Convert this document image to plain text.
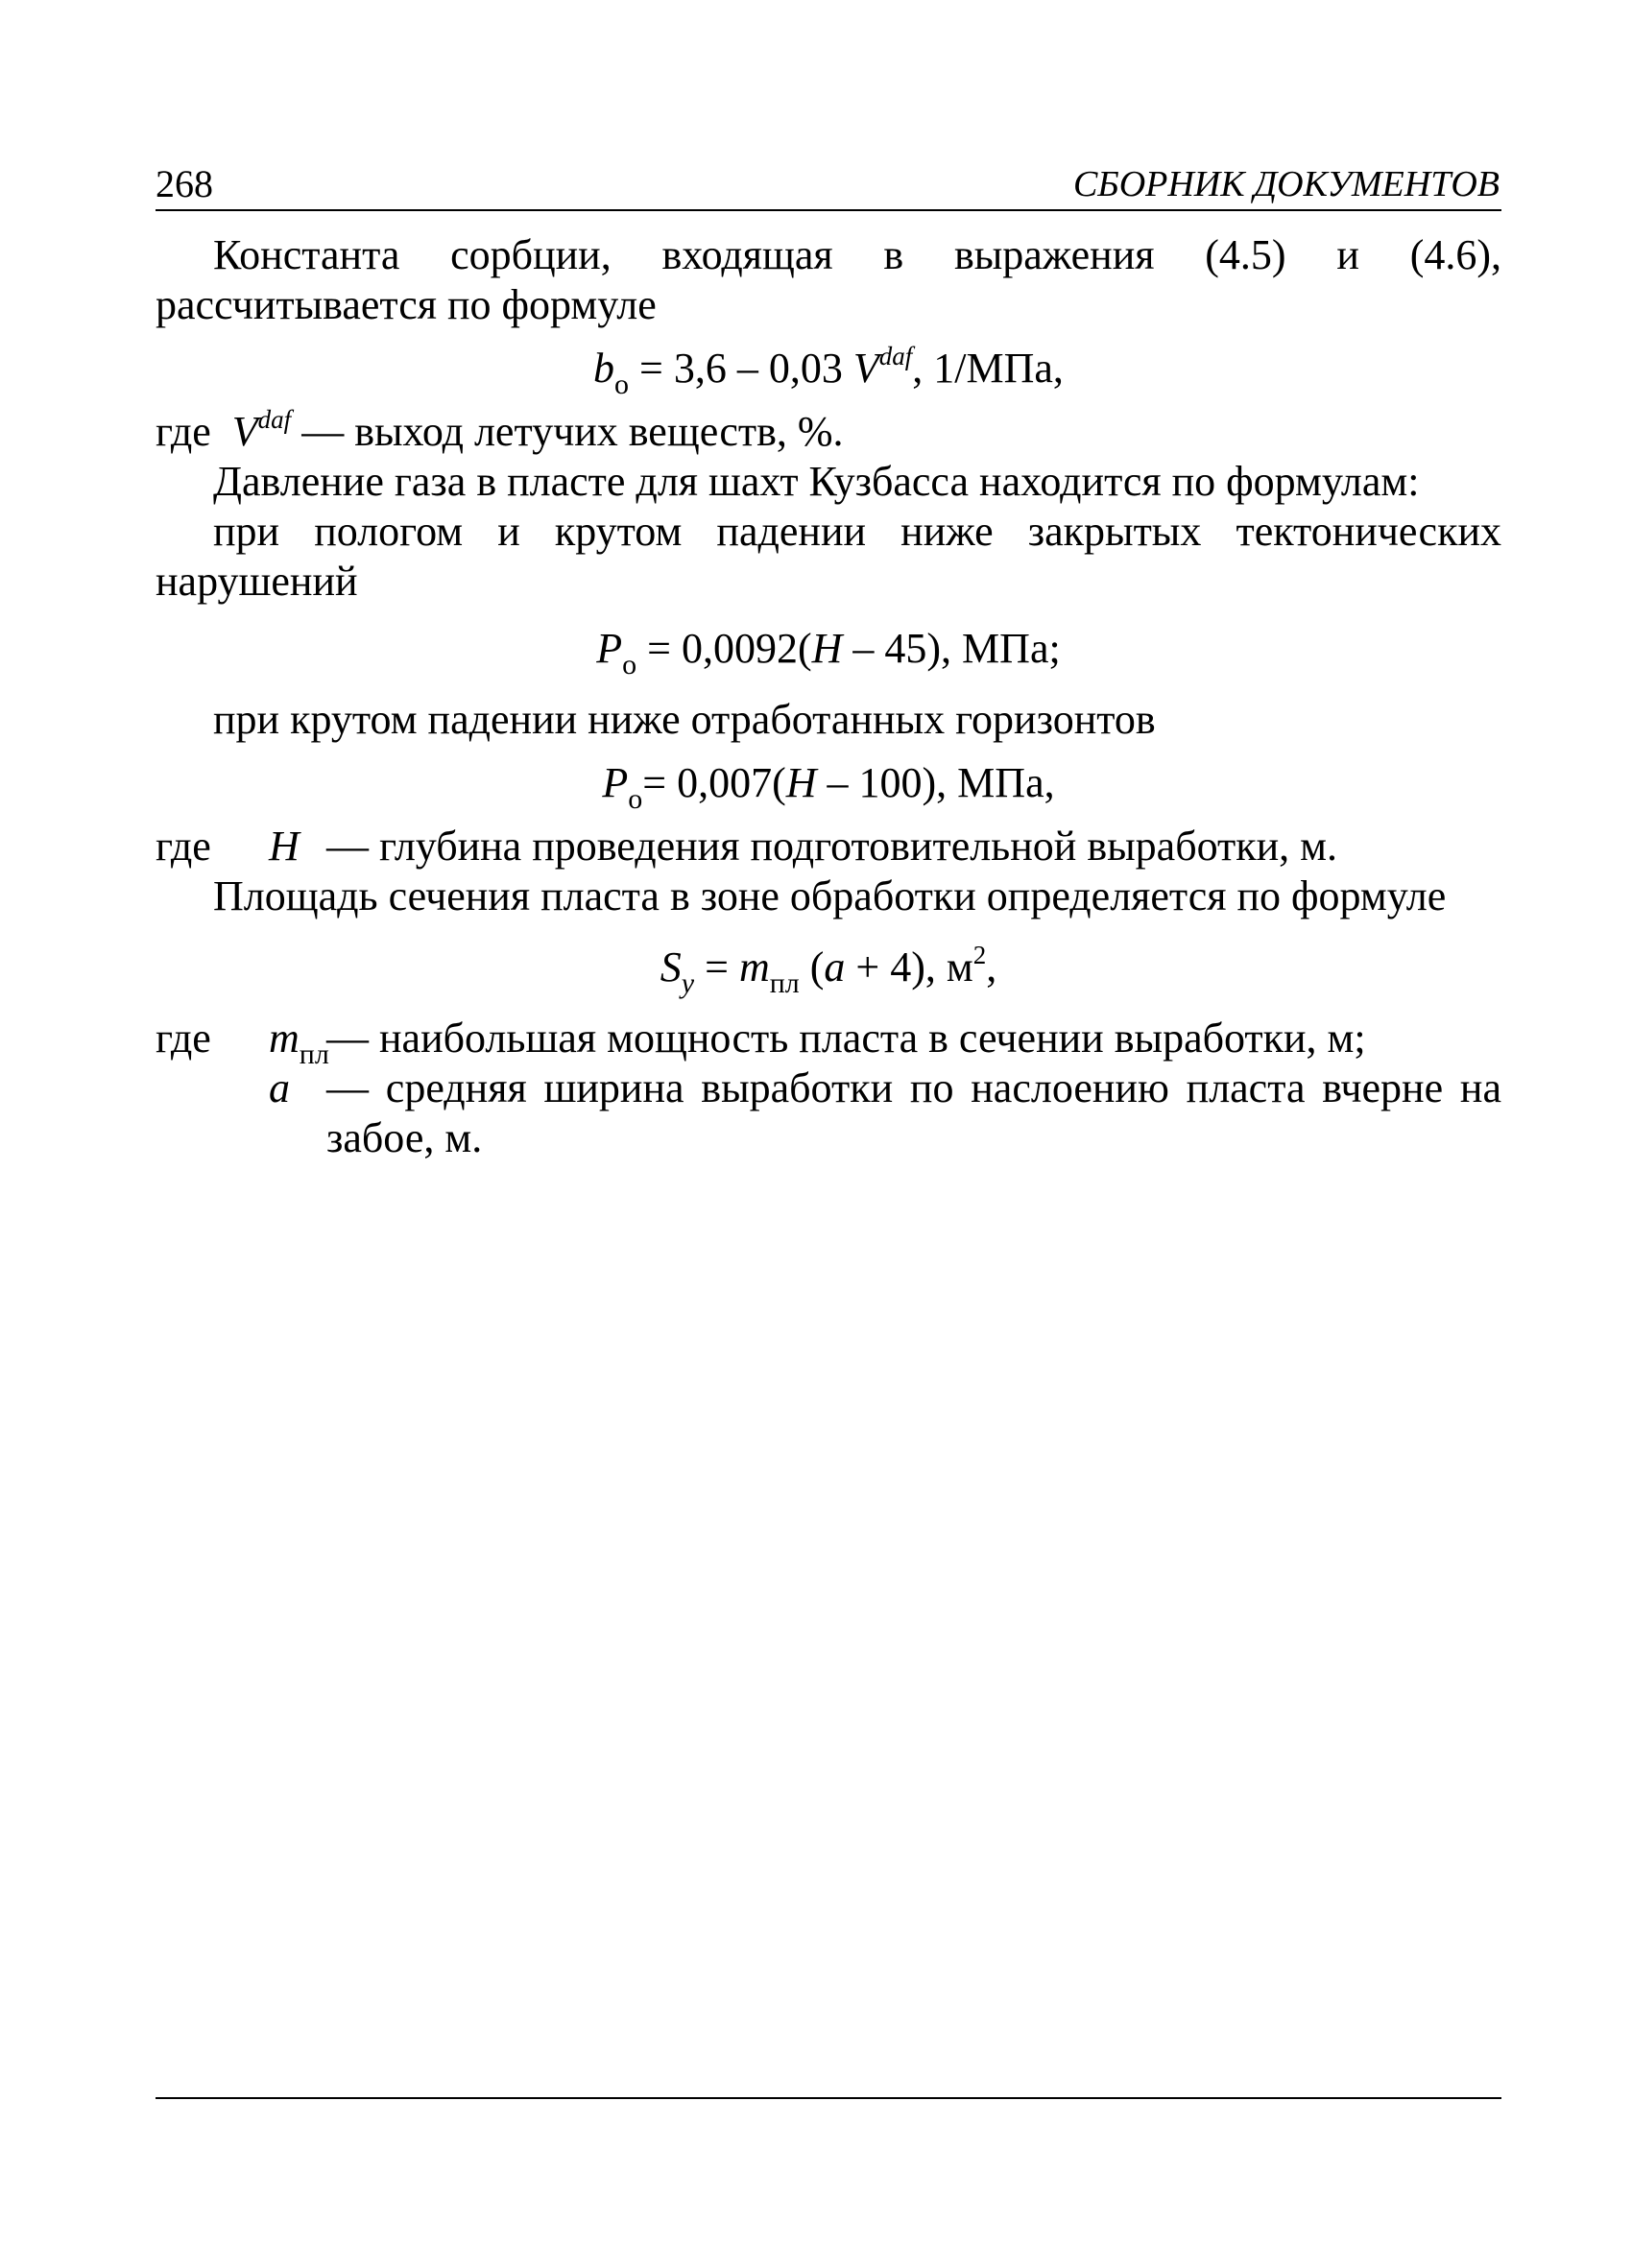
268	СБОРНИК ДОКУМЕНТОВ

Константа сорбции, входящая в выражения (4.5) и (4.6), рассчитывается по формуле

$b_о = 3,6 - 0,03$ $V^{daf}$, 1/МПа,

где $V^{daf}$ — выход летучих веществ, %.

Давление газа в пласте для шахт Кузбасса находится по формулам:

при пологом и крутом падении ниже закрытых тектонических нарушений

$P_о = 0,0092(H - 45)$, МПа;

при крутом падении ниже отработанных горизонтов

$P_о= 0,007(H - 100)$, МПа,

где	H — глубина проведения подготовительной выработки, м.

Площадь сечения пласта в зоне обработки определяется по формуле

$S_y = m_{пл}$ (a + 4), $м^2$,

где	$m_{пл}$
— наибольшая мощность пласта в сечении выработки, м;
a — средняя ширина выработки по наслоению пласта вчерне на забое, м.
